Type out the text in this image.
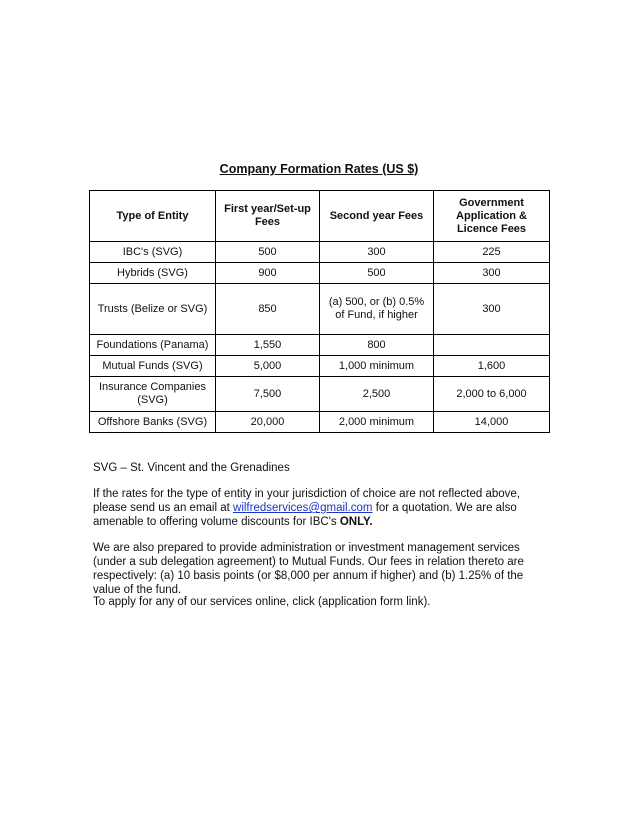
Company Formation Rates (US $)
Type of Entity	First year/Set-up Fees	Second year Fees	Government Application & Licence Fees
IBC's (SVG)	500	300	225
Hybrids (SVG)	900	500	300
Trusts (Belize or SVG)	850	(a) 500, or (b) 0.5% of Fund, if higher	300
Foundations (Panama)	1,550	800	
Mutual Funds (SVG)	5,000	1,000 minimum	1,600
Insurance Companies (SVG)	7,500	2,500	2,000 to 6,000
Offshore Banks (SVG)	20,000	2,000 minimum	14,000

SVG – St. Vincent and the Grenadines

If the rates for the type of entity in your jurisdiction of choice are not reflected above, please send us an email at wilfredservices@gmail.com for a quotation. We are also amenable to offering volume discounts for IBC's ONLY.

We are also prepared to provide administration or investment management services (under a sub delegation agreement) to Mutual Funds. Our fees in relation thereto are respectively: (a) 10 basis points (or $8,000 per annum if higher) and (b) 1.25% of the value of the fund.

To apply for any of our services online, click (application form link).
